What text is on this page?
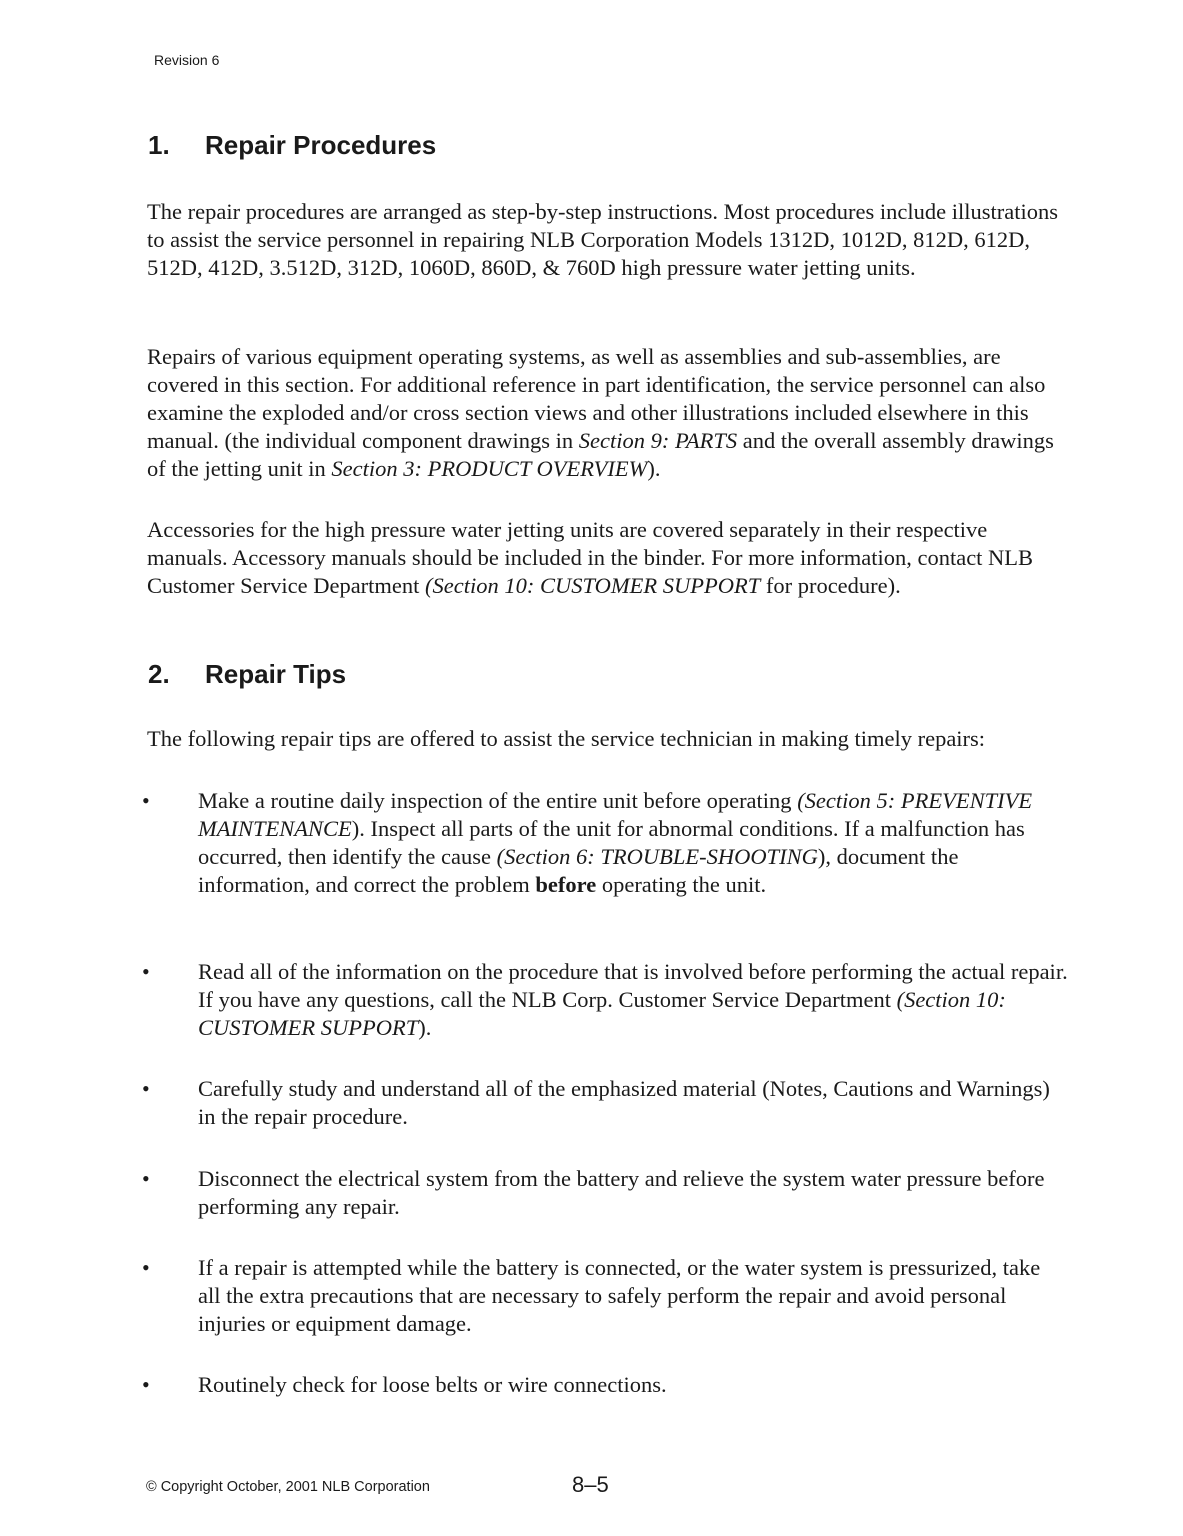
Revision 6
1. Repair Procedures

The repair procedures are arranged as step-by-step instructions. Most procedures include illustrations to assist the service personnel in repairing NLB Corporation Models 1312D, 1012D, 812D, 612D, 512D, 412D, 3.512D, 312D, 1060D, 860D, & 760D high pressure water jetting units.

Repairs of various equipment operating systems, as well as assemblies and sub-assemblies, are covered in this section. For additional reference in part identification, the service personnel can also examine the exploded and/or cross section views and other illustrations included elsewhere in this manual. (the individual component drawings in Section 9: PARTS and the overall assembly drawings of the jetting unit in Section 3: PRODUCT OVERVIEW).

Accessories for the high pressure water jetting units are covered separately in their respective manuals. Accessory manuals should be included in the binder. For more information, contact NLB Customer Service Department (Section 10: CUSTOMER SUPPORT for procedure).

2. Repair Tips

The following repair tips are offered to assist the service technician in making timely repairs:

• Make a routine daily inspection of the entire unit before operating (Section 5: PREVENTIVE MAINTENANCE). Inspect all parts of the unit for abnormal conditions. If a malfunction has occurred, then identify the cause (Section 6: TROUBLE-SHOOTING), document the information, and correct the problem before operating the unit.

• Read all of the information on the procedure that is involved before performing the actual repair. If you have any questions, call the NLB Corp. Customer Service Department (Section 10: CUSTOMER SUPPORT).

• Carefully study and understand all of the emphasized material (Notes, Cautions and Warnings) in the repair procedure.

• Disconnect the electrical system from the battery and relieve the system water pressure before performing any repair.

• If a repair is attempted while the battery is connected, or the water system is pressurized, take all the extra precautions that are necessary to safely perform the repair and avoid personal injuries or equipment damage.

• Routinely check for loose belts or wire connections.

© Copyright October, 2001 NLB Corporation	8–5
